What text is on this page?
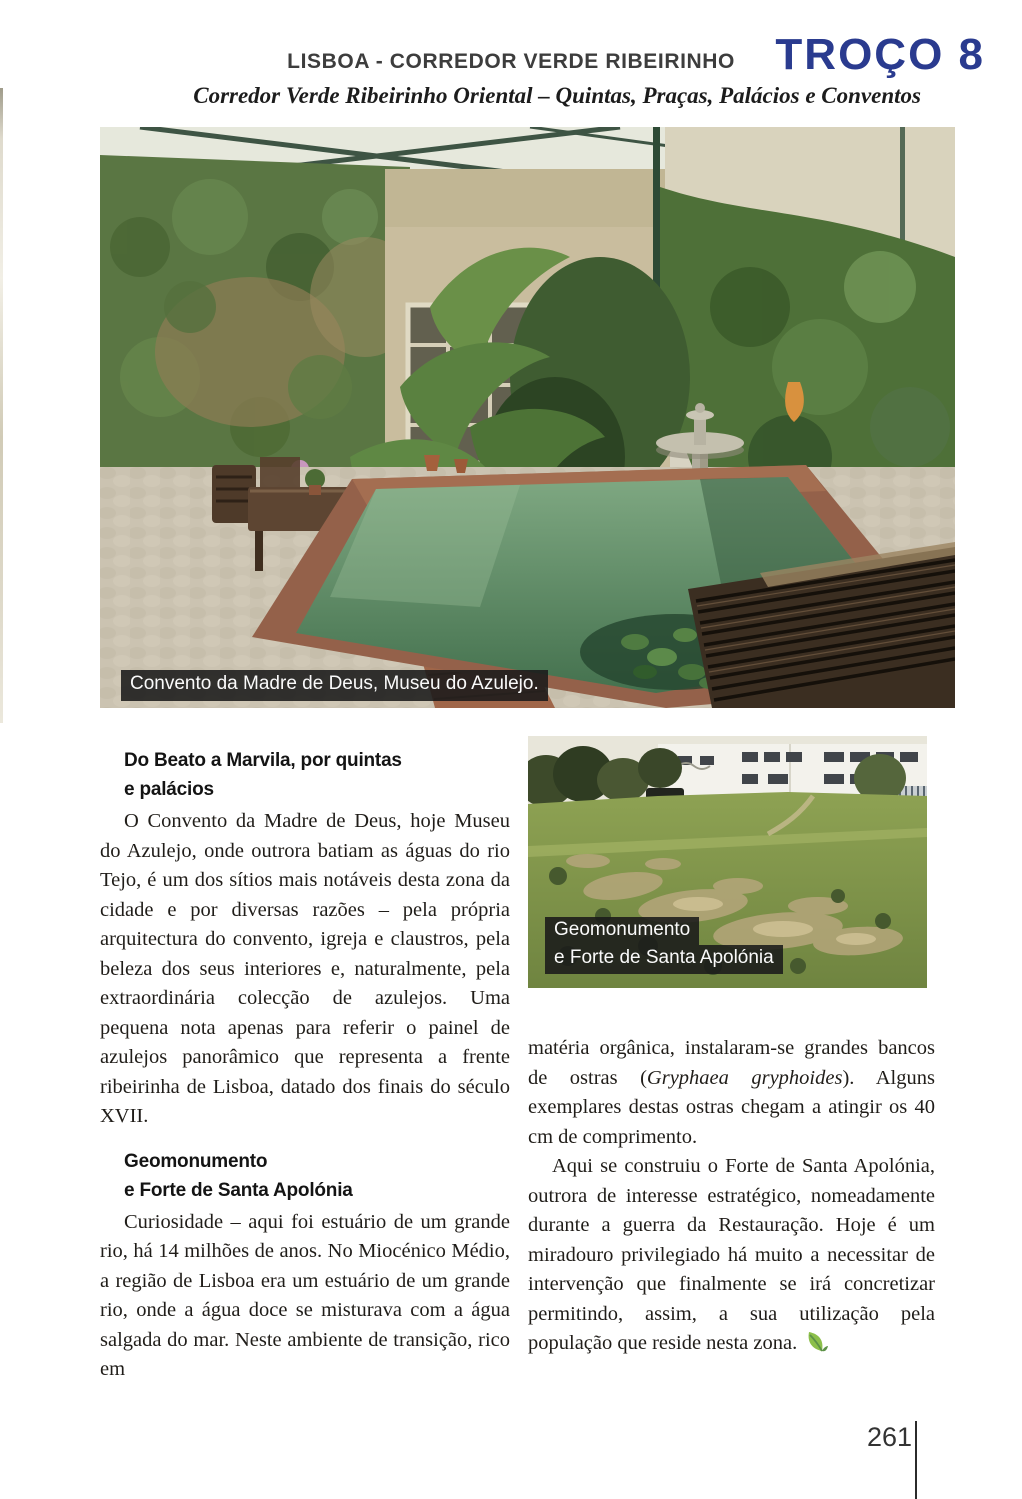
LISBOA - CORREDOR VERDE RIBEIRINHO TROÇO 8
Corredor Verde Ribeirinho Oriental – Quintas, Praças, Palácios e Conventos
Convento da Madre de Deus, Museu do Azulejo.
Do Beato a Marvila, por quintas
e palácios

O Convento da Madre de Deus, hoje Museu do Azulejo, onde outrora batiam as águas do rio Tejo, é um dos sítios mais notáveis desta zona da cidade e por diversas razões – pela própria arquitectura do convento, igreja e claustros, pela beleza dos seus interiores e, naturalmente, pela extraordinária colecção de azulejos. Uma pequena nota apenas para referir o painel de azulejos panorâmico que representa a frente ribeirinha de Lisboa, datado dos finais do século XVII.

Geomonumento
e Forte de Santa Apolónia

Curiosidade – aqui foi estuário de um grande rio, há 14 milhões de anos. No Miocénico Médio, a região de Lisboa era um estuário de um grande rio, onde a água doce se misturava com a água salgada do mar. Neste ambiente de transição, rico em

Geomonumento
e Forte de Santa Apolónia

matéria orgânica, instalaram-se grandes bancos de ostras (Gryphaea gryphoides). Alguns exemplares destas ostras chegam a atingir os 40 cm de comprimento.

Aqui se construiu o Forte de Santa Apolónia, outrora de interesse estratégico, nomeadamente durante a guerra da Restauração. Hoje é um miradouro privilegiado há muito a necessitar de intervenção que finalmente se irá concretizar permitindo, assim, a sua utilização pela população que reside nesta zona.

261
